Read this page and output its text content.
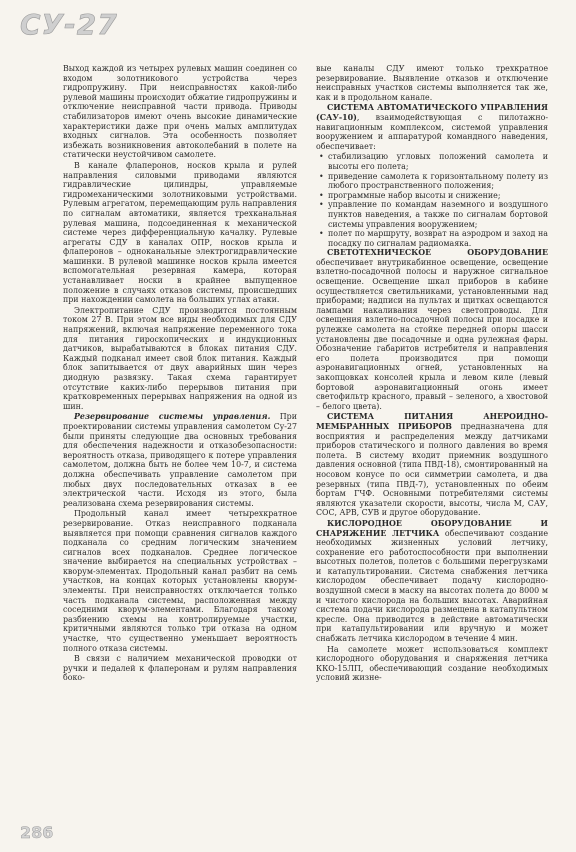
СУ-27

Выход каждой из четырех рулевых машин соединен со входом золотникового устройства через гидропружину. При неисправностях какой-либо рулевой машины происходит обжатие гидропружины и отключение неисправной части привода. Приводы стабилизаторов имеют очень высокие динамические характеристики даже при очень малых амплитудах входных сигналов. Эта особенность позволяет избежать возникновения автоколебаний в полете на статически неустойчивом самолете.

В канале флаперонов, носков крыла и рулей направления силовыми приводами являются гидравлические цилиндры, управляемые гидромеханическими золотниковыми устройствами. Рулевым агрегатом, перемещающим руль направления по сигналам автоматики, является трехканальная рулевая машина, подсоединенная к механической системе через дифференциальную качалку. Рулевые агрегаты СДУ в каналах ОПР, носков крыла и флаперонов – одноканальные электрогидравлические машинки. В рулевой машинке носков крыла имеется вспомогательная резервная камера, которая устанавливает носки в крайнее выпущенное положение в случаях отказов системы, происшедших при нахождении самолета на больших углах атаки.

Электропитание СДУ производится постоянным током 27 В. При этом все виды необходимых для СДУ напряжений, включая напряжение переменного тока для питания гироскопических и индукционных датчиков, вырабатываются в блоках питания СДУ. Каждый подканал имеет свой блок питания. Каждый блок запитывается от двух аварийных шин через диодную развязку. Такая схема гарантирует отсутствие каких-либо перерывов питания при кратковременных перерывах напряжения на одной из шин.

Резервирование системы управления. При проектировании системы управления самолетом Су-27 были приняты следующие два основных требования для обеспечения надежности и отказобезопасности: вероятность отказа, приводящего к потере управления самолетом, должна быть не более чем 10-7, и система должна обеспечивать управление самолетом при любых двух последовательных отказах в ее электрической части. Исходя из этого, была реализована схема резервирования системы.

Продольный канал имеет четырехкратное резервирование. Отказ неисправного подканала выявляется при помощи сравнения сигналов каждого подканала со средним логическим значением сигналов всех подканалов. Среднее логическое значение выбирается на специальных устройствах – кворум-элементах. Продольный канал разбит на семь участков, на концах которых установлены кворум-элементы. При неисправностях отключается только часть подканала системы, расположенная между соседними кворум-элементами. Благодаря такому разбиению схемы на контролируемые участки, критичными являются только три отказа на одном участке, что существенно уменьшает вероятность полного отказа системы.

В связи с наличием механической проводки от ручки и педалей к флаперонам и рулям направления боко-

вые каналы СДУ имеют только трехкратное резервирование. Выявление отказов и отключение неисправных участков системы выполняется так же, как и в продольном канале.

СИСТЕМА АВТОМАТИЧЕСКОГО УПРАВЛЕНИЯ (САУ-10), взаимодействующая с пилотажно-навигационным комплексом, системой управления вооружением и аппаратурой командного наведения, обеспечивает:

• стабилизацию угловых положений самолета и высоты его полета;
• приведение самолета к горизонтальному полету из любого пространственного положения;
• программные набор высоты и снижение;
• управление по командам наземного и воздушного пунктов наведения, а также по сигналам бортовой системы управления вооружением;
• полет по маршруту, возврат на аэродром и заход на посадку по сигналам радиомаяка.

СВЕТОТЕХНИЧЕСКОЕ ОБОРУДОВАНИЕ обеспечивает внутрикабинное освещение, освещение взлетно-посадочной полосы и наружное сигнальное освещение. Освещение шкал приборов в кабине осуществляется светильниками, установленными над приборами; надписи на пультах и щитках освещаются лампами накаливания через светопроводы. Для освещения взлетно-посадочной полосы при посадке и рулежке самолета на стойке передней опоры шасси установлены две посадочные и одна рулежная фары. Обозначение габаритов истребителя и направления его полета производится при помощи аэронавигационных огней, установленных на закопцовках консолей крыла и левом киле (левый бортовой аэронавигационный огонь имеет светофильтр красного, правый – зеленого, а хвостовой – белого цвета).

СИСТЕМА ПИТАНИЯ АНЕРОИДНО-МЕМБРАННЫХ ПРИБОРОВ предназначена для восприятия и распределения между датчиками приборов статического и полного давления во время полета. В систему входит приемник воздушного давления основной (типа ПВД-18), смонтированный на носовом конусе по оси симметрии самолета, и два резервных (типа ПВД-7), установленных по обеим бортам ГЧФ. Основными потребителями системы являются указатели скорости, высоты, числа М, САУ, СОС, АРВ, СУВ и другое оборудование.

КИСЛОРОДНОЕ ОБОРУДОВАНИЕ И СНАРЯЖЕНИЕ ЛЕТЧИКА обеспечивают создание необходимых жизненных условий летчику, сохранение его работоспособности при выполнении высотных полетов, полетов с большими перегрузками и катапультировании. Система снабжения летчика кислородом обеспечивает подачу кислородно-воздушной смеси в маску на высотах полета до 8000 м и чистого кислорода на больших высотах. Аварийная система подачи кислорода размещена в катапультном кресле. Она приводится в действие автоматически при катапультировании или вручную и может снабжать летчика кислородом в течение 4 мин.

На самолете может использоваться комплект кислородного оборудования и снаряжения летчика ККО-15ЛП, обеспечивающий создание необходимых условий жизне-

286
